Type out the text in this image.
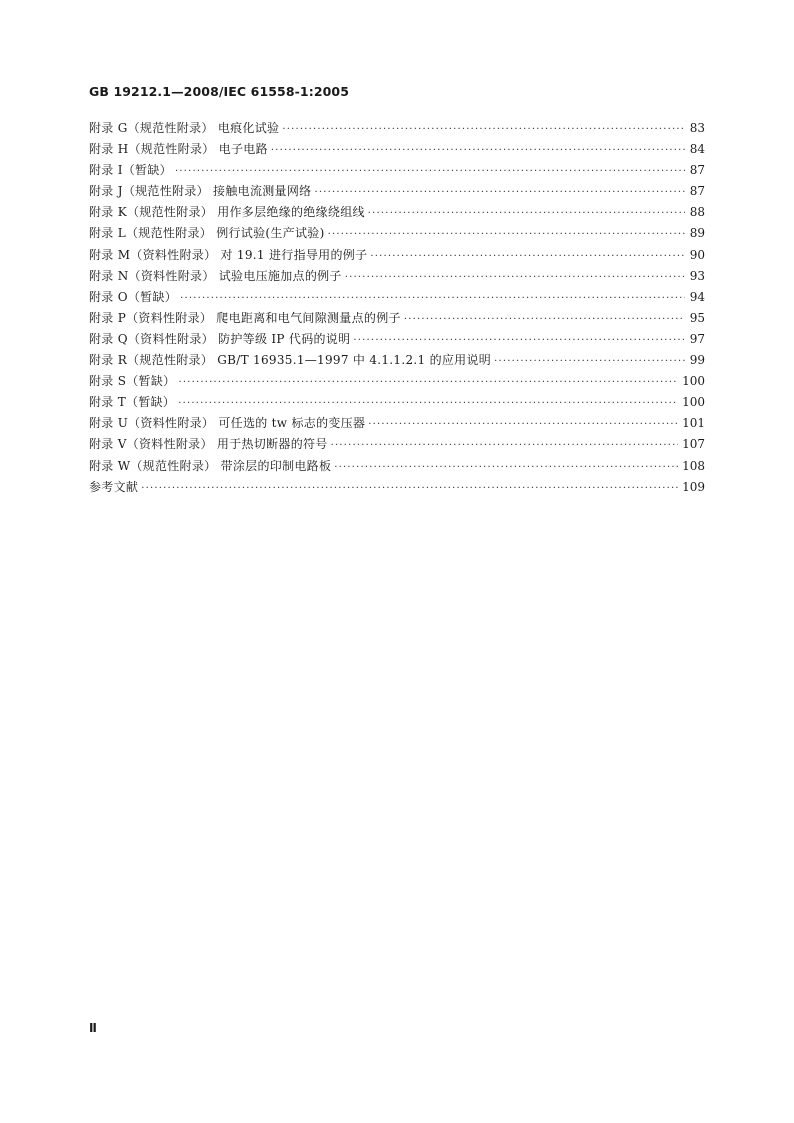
GB 19212.1—2008/IEC 61558-1:2005
附录 G（规范性附录） 电痕化试验 ·····	83
附录 H（规范性附录） 电子电路 ·····	84
附录 I（暂缺） ·····	87
附录 J（规范性附录） 接触电流测量网络 ·····	87
附录 K（规范性附录） 用作多层绝缘的绝缘绕组线 ·····	88
附录 L（规范性附录） 例行试验(生产试验) ·····	89
附录 M（资料性附录） 对 19.1 进行指导用的例子 ·····	90
附录 N（资料性附录） 试验电压施加点的例子 ·····	93
附录 O（暂缺） ·····	94
附录 P（资料性附录） 爬电距离和电气间隙测量点的例子 ·····	95
附录 Q（资料性附录） 防护等级 IP 代码的说明 ·····	97
附录 R（规范性附录） GB/T 16935.1—1997 中 4.1.1.2.1 的应用说明 ·····	99
附录 S（暂缺） ·····	100
附录 T（暂缺） ·····	100
附录 U（资料性附录） 可任选的 tw 标志的变压器 ·····	101
附录 V（资料性附录） 用于热切断器的符号 ·····	107
附录 W（规范性附录） 带涂层的印制电路板 ·····	108
参考文献 ·····	109
Ⅱ
